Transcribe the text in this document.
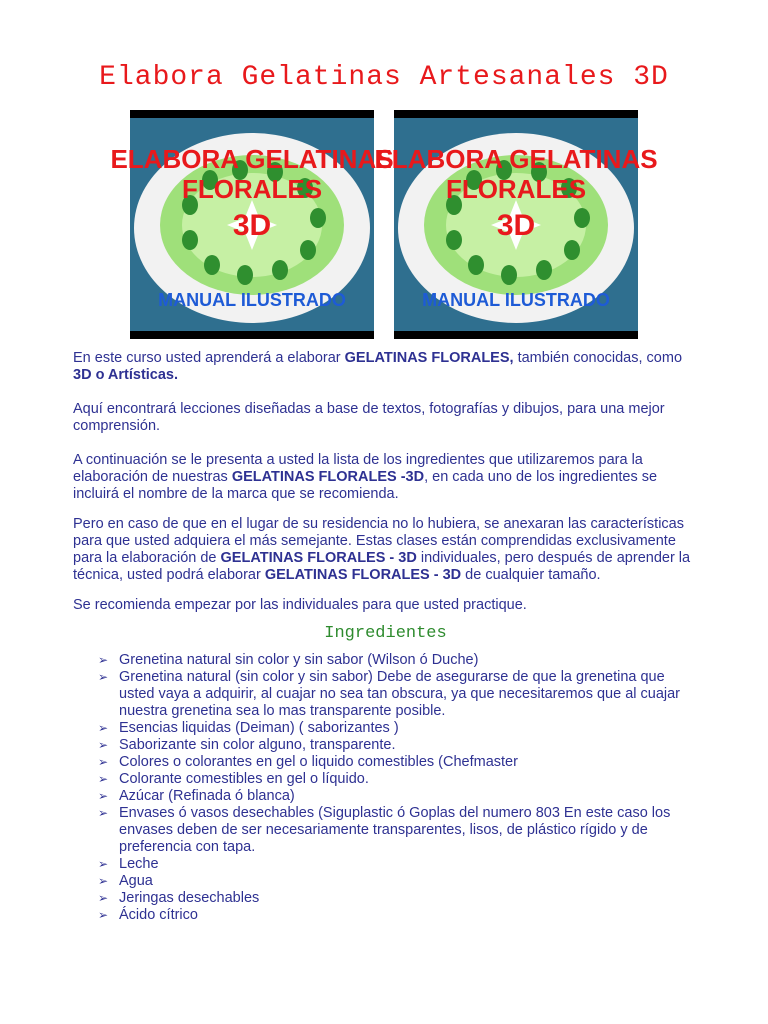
Elabora Gelatinas Artesanales 3D
ELABORA GELATINAS
FLORALES
3D
MANUAL ILUSTRADO
ELABORA GELATINAS
FLORALES
3D
MANUAL ILUSTRADO

En este curso usted aprenderá a elaborar GELATINAS FLORALES, también conocidas, como 3D o Artísticas.

Aquí encontrará lecciones diseñadas a base de textos, fotografías y dibujos, para una mejor comprensión.

A continuación se le presenta a usted la lista de los ingredientes que utilizaremos para la elaboración de nuestras GELATINAS FLORALES -3D, en cada uno de los ingredientes se incluirá el nombre de la marca que se recomienda.

Pero en caso de que en el lugar de su residencia no lo hubiera, se anexaran las características para que usted adquiera el más semejante. Estas clases están comprendidas exclusivamente para la elaboración de GELATINAS FLORALES - 3D individuales, pero después de aprender la técnica, usted podrá elaborar GELATINAS FLORALES - 3D de cualquier tamaño.

Se recomienda empezar por las individuales para que usted practique.

Ingredientes
➢ Grenetina natural sin color y sin sabor (Wilson ó Duche)
➢ Grenetina natural (sin color y sin sabor) Debe de asegurarse de que la grenetina que usted vaya a adquirir, al cuajar no sea tan obscura, ya que necesitaremos que al cuajar nuestra grenetina sea lo mas transparente posible.
➢ Esencias liquidas (Deiman) ( saborizantes )
➢ Saborizante sin color alguno, transparente.
➢ Colores o colorantes en gel o liquido comestibles (Chefmaster
➢ Colorante comestibles en gel o líquido.
➢ Azúcar (Refinada ó blanca)
➢ Envases ó vasos desechables (Siguplastic ó Goplas del numero 803 En este caso los envases deben de ser necesariamente transparentes, lisos, de plástico rígido y de preferencia con tapa.
➢ Leche
➢ Agua
➢ Jeringas desechables
➢ Ácido cítrico
